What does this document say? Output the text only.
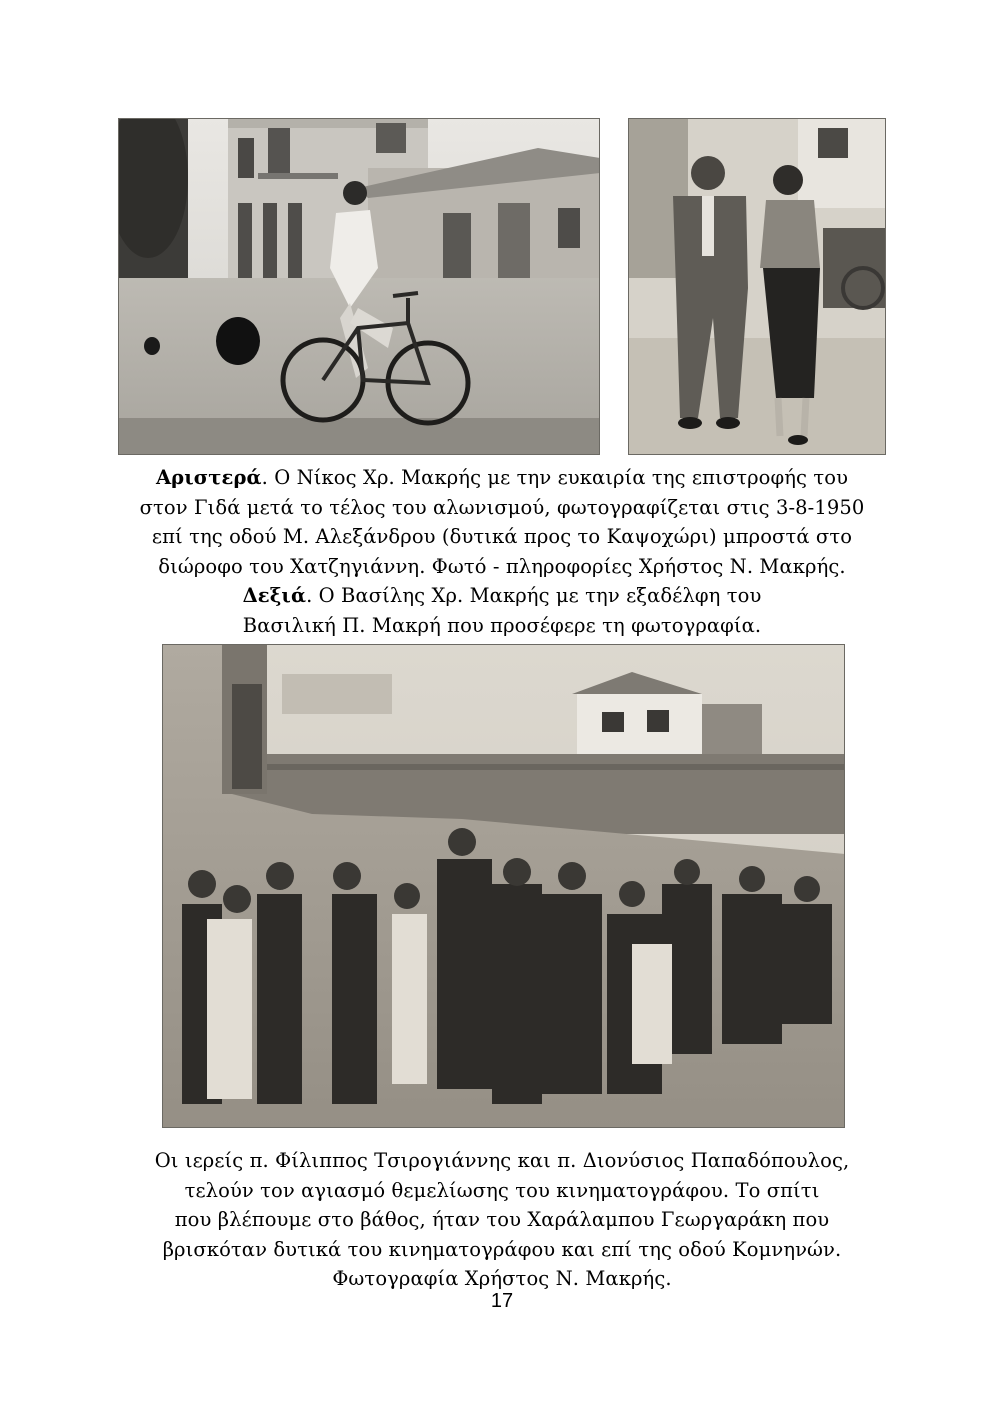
Αριστερά. Ο Νίκος Χρ. Μακρής με την ευκαιρία της επιστροφής του
στον Γιδά μετά το τέλος του αλωνισμού, φωτογραφίζεται στις 3-8-1950
επί της οδού Μ. Αλεξάνδρου (δυτικά προς το Καψοχώρι) μπροστά στο
διώροφο του Χατζηγιάννη. Φωτό - πληροφορίες Χρήστος Ν. Μακρής.
Δεξιά. Ο Βασίλης Χρ. Μακρής με την εξαδέλφη του
Βασιλική Π. Μακρή που προσέφερε τη φωτογραφία.
Οι ιερείς π. Φίλιππος Τσιρογιάννης και π. Διονύσιος Παπαδόπουλος,
τελούν τον αγιασμό θεμελίωσης του κινηματογράφου. Το σπίτι
που βλέπουμε στο βάθος, ήταν του Χαράλαμπου Γεωργαράκη που
βρισκόταν δυτικά του κινηματογράφου και επί της οδού Κομνηνών.
Φωτογραφία Χρήστος Ν. Μακρής.
17
